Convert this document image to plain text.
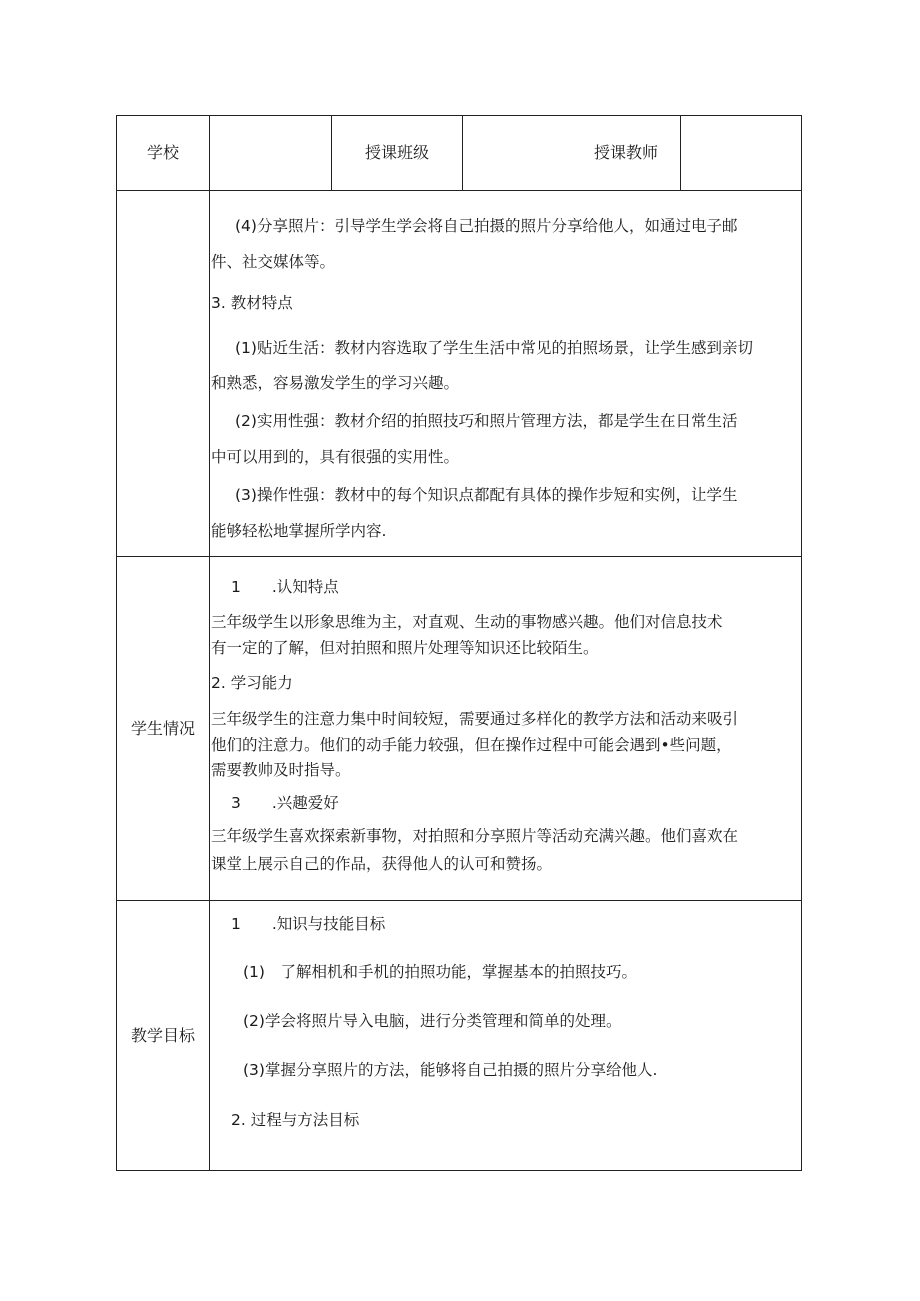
学校	授课班级	授课教师
(4)分享照片：引导学生学会将自己拍摄的照片分享给他人，如通过电子邮
件、社交媒体等。
3. 教材特点
(1)贴近生活：教材内容选取了学生生活中常见的拍照场景，让学生感到亲切
和熟悉，容易激发学生的学习兴趣。
(2)实用性强：教材介绍的拍照技巧和照片管理方法，都是学生在日常生活
中可以用到的，具有很强的实用性。
(3)操作性强：教材中的每个知识点都配有具体的操作步短和实例，让学生
能够轻松地掌握所学内容.
学生情况
1　　.认知特点
三年级学生以形象思维为主，对直观、生动的事物感兴趣。他们对信息技术
有一定的了解，但对拍照和照片处理等知识还比较陌生。
2. 学习能力
三年级学生的注意力集中时间较短，需要通过多样化的教学方法和活动来吸引
他们的注意力。他们的动手能力较强，但在操作过程中可能会遇到•些问题，
需要教帅及时指导。
3　　.兴趣爱好
三年级学生喜欢探索新事物，对拍照和分享照片等活动充满兴趣。他们喜欢在
课堂上展示自己的作品，获得他人的认可和赞扬。
教学目标
1　　.知识与技能目标
(1)　了解相机和手机的拍照功能，掌握基本的拍照技巧。
(2)学会将照片导入电脑，进行分类管理和简单的处理。
(3)掌握分享照片的方法，能够将自己拍摄的照片分享给他人.
2. 过程与方法目标
